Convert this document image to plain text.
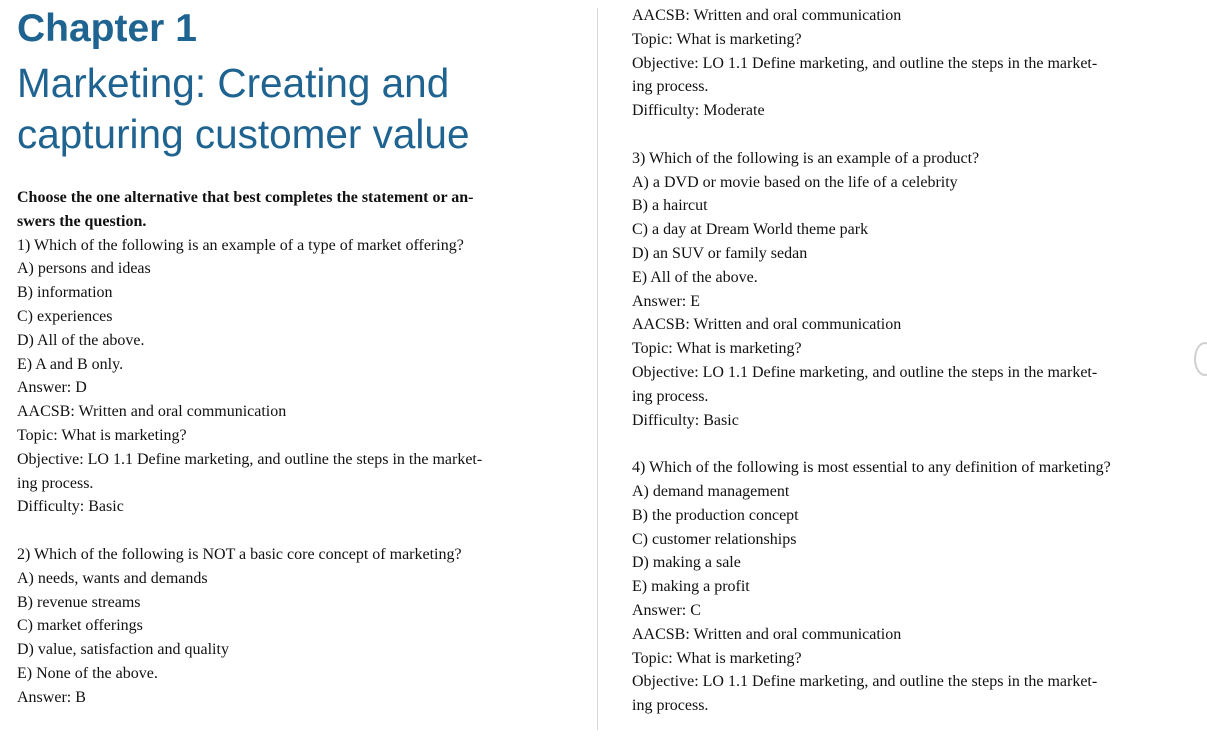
Chapter 1
Marketing: Creating and
capturing customer value
Choose the one alternative that best completes the statement or an-
swers the question.

1) Which of the following is an example of a type of market offering?

A) persons and ideas

B) information

C) experiences

D) All of the above.

E) A and B only.

Answer: D

AACSB: Written and oral communication

Topic: What is marketing?

Objective: LO 1.1 Define marketing, and outline the steps in the market-

ing process.

Difficulty: Basic

2) Which of the following is NOT a basic core concept of marketing?

A) needs, wants and demands

B) revenue streams

C) market offerings

D) value, satisfaction and quality

E) None of the above.

Answer: B

AACSB: Written and oral communication

Topic: What is marketing?

Objective: LO 1.1 Define marketing, and outline the steps in the market-

ing process.

Difficulty: Moderate

3) Which of the following is an example of a product?

A) a DVD or movie based on the life of a celebrity

B) a haircut

C) a day at Dream World theme park

D) an SUV or family sedan

E) All of the above.

Answer: E

AACSB: Written and oral communication

Topic: What is marketing?

Objective: LO 1.1 Define marketing, and outline the steps in the market-

ing process.

Difficulty: Basic

4) Which of the following is most essential to any definition of marketing?

A) demand management

B) the production concept

C) customer relationships

D) making a sale

E) making a profit

Answer: C

AACSB: Written and oral communication

Topic: What is marketing?

Objective: LO 1.1 Define marketing, and outline the steps in the market-

ing process.
